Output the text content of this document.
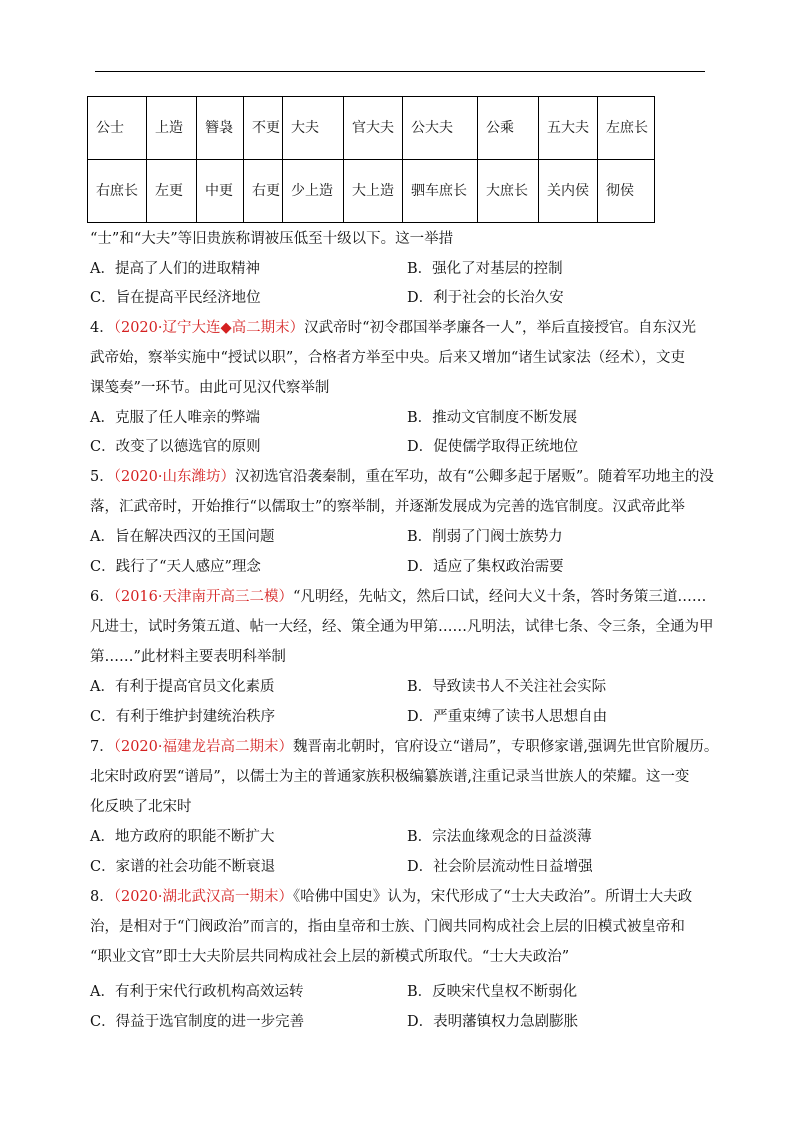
公士	上造	簪袅	不更	大夫	官大夫	公大夫	公乘	五大夫	左庶长
右庶长	左更	中更	右更	少上造	大上造	驷车庶长	大庶长	关内侯	彻侯
“士”和“大夫”等旧贵族称谓被压低至十级以下。这一举措
A．提高了人们的进取精神	B．强化了对基层的控制
C．旨在提高平民经济地位	D．利于社会的长治久安
4．（2020·辽宁大连◆高二期末）汉武帝时“初令郡国举孝廉各一人”，举后直接授官。自东汉光
武帝始，察举实施中“授试以职”，合格者方举至中央。后来又增加“诸生试家法（经术），文吏
课笺奏”一环节。由此可见汉代察举制
A．克服了任人唯亲的弊端	B．推动文官制度不断发展
C．改变了以德选官的原则	D．促使儒学取得正统地位
5．（2020·山东潍坊）汉初选官沿袭秦制，重在军功，故有“公卿多起于屠贩”。随着军功地主的没
落，汇武帝时，开始推行“以儒取士”的察举制，并逐渐发展成为完善的选官制度。汉武帝此举
A．旨在解决西汉的王国问题	B．削弱了门阀士族势力
C．践行了“天人感应”理念	D．适应了集权政治需要
6．（2016·天津南开高三二模）“凡明经，先帖文，然后口试，经问大义十条，答时务策三道……
凡进士，试时务策五道、帖一大经，经、策全通为甲第……凡明法，试律七条、令三条，全通为甲
第……”此材料主要表明科举制
A．有利于提高官员文化素质	B．导致读书人不关注社会实际
C．有利于维护封建统治秩序	D．严重束缚了读书人思想自由
7．（2020·福建龙岩高二期末）魏晋南北朝时，官府设立“谱局”，专职修家谱,强调先世官阶履历。
北宋时政府罢“谱局”，以儒士为主的普通家族积极编纂族谱,注重记录当世族人的荣耀。这一变
化反映了北宋时
A．地方政府的职能不断扩大	B．宗法血缘观念的日益淡薄
C．家谱的社会功能不断衰退	D．社会阶层流动性日益增强
8．（2020·湖北武汉高一期末）《哈佛中国史》认为，宋代形成了“士大夫政治”。所谓士大夫政
治，是相对于“门阀政治”而言的，指由皇帝和士族、门阀共同构成社会上层的旧模式被皇帝和
“职业文官”即士大夫阶层共同构成社会上层的新模式所取代。“士大夫政治”
A．有利于宋代行政机构高效运转	B．反映宋代皇权不断弱化
C．得益于选官制度的进一步完善	D．表明藩镇权力急剧膨胀
